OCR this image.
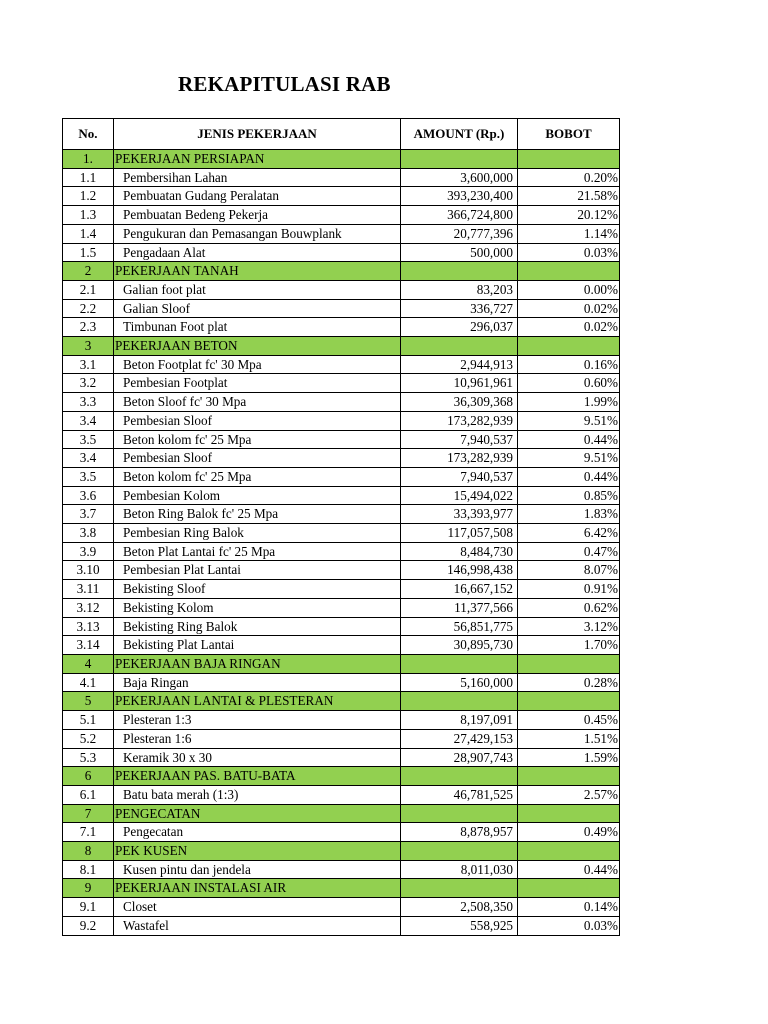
REKAPITULASI RAB
No.	JENIS PEKERJAAN	AMOUNT (Rp.)	BOBOT
1.	PEKERJAAN PERSIAPAN		
1.1	Pembersihan Lahan	3,600,000	0.20%
1.2	Pembuatan Gudang Peralatan	393,230,400	21.58%
1.3	Pembuatan Bedeng Pekerja	366,724,800	20.12%
1.4	Pengukuran dan Pemasangan Bouwplank	20,777,396	1.14%
1.5	Pengadaan Alat	500,000	0.03%
2	PEKERJAAN TANAH		
2.1	Galian foot plat	83,203	0.00%
2.2	Galian Sloof	336,727	0.02%
2.3	Timbunan Foot plat	296,037	0.02%
3	PEKERJAAN BETON		
3.1	Beton Footplat fc' 30 Mpa	2,944,913	0.16%
3.2	Pembesian Footplat	10,961,961	0.60%
3.3	Beton Sloof fc' 30 Mpa	36,309,368	1.99%
3.4	Pembesian Sloof	173,282,939	9.51%
3.5	Beton kolom fc' 25 Mpa	7,940,537	0.44%
3.4	Pembesian Sloof	173,282,939	9.51%
3.5	Beton kolom fc' 25 Mpa	7,940,537	0.44%
3.6	Pembesian Kolom	15,494,022	0.85%
3.7	Beton Ring Balok fc' 25 Mpa	33,393,977	1.83%
3.8	Pembesian Ring Balok	117,057,508	6.42%
3.9	Beton Plat Lantai fc' 25 Mpa	8,484,730	0.47%
3.10	Pembesian Plat Lantai	146,998,438	8.07%
3.11	Bekisting Sloof	16,667,152	0.91%
3.12	Bekisting Kolom	11,377,566	0.62%
3.13	Bekisting Ring Balok	56,851,775	3.12%
3.14	Bekisting Plat Lantai	30,895,730	1.70%
4	PEKERJAAN BAJA RINGAN		
4.1	Baja Ringan	5,160,000	0.28%
5	PEKERJAAN LANTAI & PLESTERAN		
5.1	Plesteran 1:3	8,197,091	0.45%
5.2	Plesteran 1:6	27,429,153	1.51%
5.3	Keramik 30 x 30	28,907,743	1.59%
6	PEKERJAAN PAS. BATU-BATA		
6.1	Batu bata merah (1:3)	46,781,525	2.57%
7	PENGECATAN		
7.1	Pengecatan	8,878,957	0.49%
8	PEK KUSEN		
8.1	Kusen pintu dan jendela	8,011,030	0.44%
9	PEKERJAAN INSTALASI AIR		
9.1	Closet	2,508,350	0.14%
9.2	Wastafel	558,925	0.03%
